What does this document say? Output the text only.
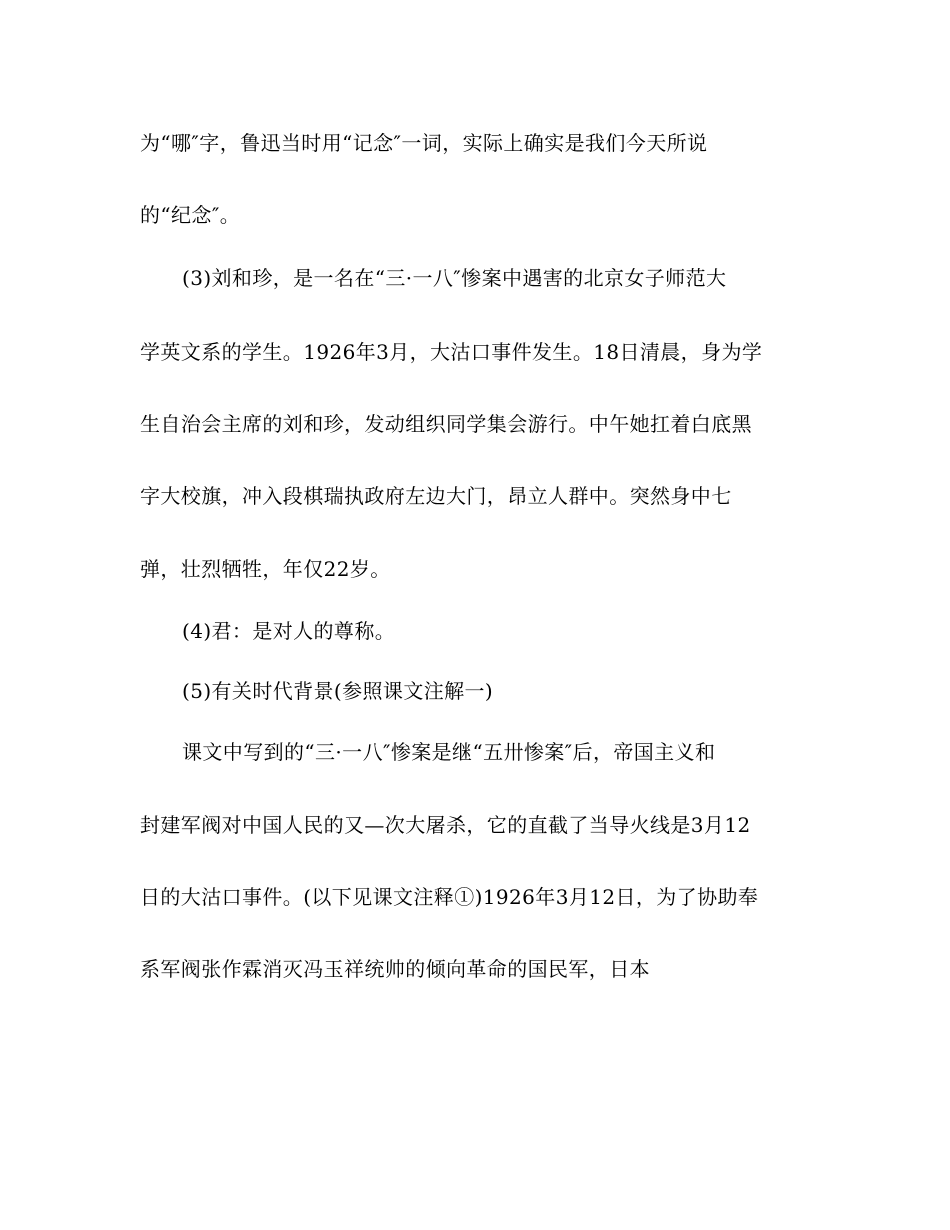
为“哪″字，鲁迅当时用“记念″一词，实际上确实是我们今天所说
的“纪念″。
(3)刘和珍，是一名在“三·一八″惨案中遇害的北京女子师范大
学英文系的学生。1926年3月，大沽口事件发生。18日清晨，身为学
生自治会主席的刘和珍，发动组织同学集会游行。中午她扛着白底黑
字大校旗，冲入段棋瑞执政府左边大门，昂立人群中。突然身中七
弹，壮烈牺牲，年仅22岁。
(4)君：是对人的尊称。
(5)有关时代背景(参照课文注解一)
课文中写到的“三·一八″惨案是继“五卅惨案″后，帝国主义和
封建军阀对中国人民的又—次大屠杀，它的直截了当导火线是3月12
日的大沽口事件。(以下见课文注释①)1926年3月12日，为了协助奉
系军阀张作霖消灭冯玉祥统帅的倾向革命的国民军，日本
